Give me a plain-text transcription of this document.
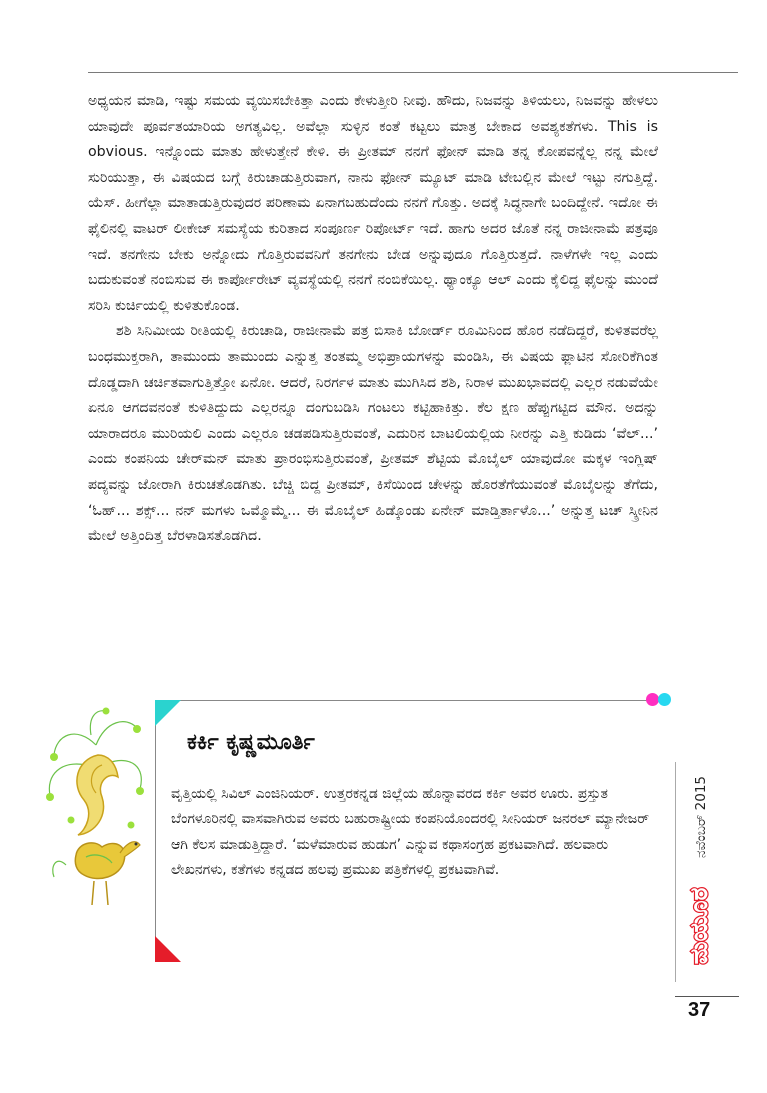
ಅಧ್ಯಯನ ಮಾಡಿ, ಇಷ್ಟು ಸಮಯ ವ್ಯಯಿಸಬೇಕಿತ್ತಾ ಎಂದು ಕೇಳುತ್ತೀರಿ ನೀವು. ಹೌದು, ನಿಜವನ್ನು ತಿಳಿಯಲು, ನಿಜವನ್ನು ಹೇಳಲು ಯಾವುದೇ ಪೂರ್ವತಯಾರಿಯ ಅಗತ್ಯವಿಲ್ಲ. ಅವೆಲ್ಲಾ ಸುಳ್ಳಿನ ಕಂತೆ ಕಟ್ಟಲು ಮಾತ್ರ ಬೇಕಾದ ಅವಶ್ಯಕತೆಗಳು. This is obvious. ಇನ್ನೊಂದು ಮಾತು ಹೇಳುತ್ತೇನೆ ಕೇಳಿ. ಈ ಪ್ರೀತಮ್ ನನಗೆ ಫೋನ್ ಮಾಡಿ ತನ್ನ ಕೋಪವನ್ನೆಲ್ಲ ನನ್ನ ಮೇಲೆ ಸುರಿಯುತ್ತಾ, ಈ ವಿಷಯದ ಬಗ್ಗೆ ಕಿರುಚಾಡುತ್ತಿರುವಾಗ, ನಾನು ಫೋನ್ ಮ್ಯೂಟ್ ಮಾಡಿ ಟೇಬಲ್ಲಿನ ಮೇಲೆ ಇಟ್ಟು ನಗುತ್ತಿದ್ದೆ. ಯೆಸ್. ಹೀಗೆಲ್ಲಾ ಮಾತಾಡುತ್ತಿರುವುದರ ಪರಿಣಾಮ ಏನಾಗಬಹುದೆಂದು ನನಗೆ ಗೊತ್ತು. ಅದಕ್ಕೆ ಸಿದ್ಧನಾಗೇ ಬಂದಿದ್ದೇನೆ. ಇದೋ ಈ ಫೈಲಿನಲ್ಲಿ ವಾಟರ್ ಲೀಕೇಜ್ ಸಮಸ್ಯೆಯ ಕುರಿತಾದ ಸಂಪೂರ್ಣ ರಿಪೋರ್ಟ್ ಇದೆ. ಹಾಗು ಅದರ ಜೊತೆ ನನ್ನ ರಾಜೀನಾಮೆ ಪತ್ರವೂ ಇದೆ. ತನಗೇನು ಬೇಕು ಅನ್ನೋದು ಗೊತ್ತಿರುವವನಿಗೆ ತನಗೇನು ಬೇಡ ಅನ್ನುವುದೂ ಗೊತ್ತಿರುತ್ತದೆ. ನಾಳೆಗಳೇ ಇಲ್ಲ ಎಂದು ಬದುಕುವಂತೆ ನಂಬಿಸುವ ಈ ಕಾರ್ಪೋರೇಟ್ ವ್ಯವಸ್ಥೆಯಲ್ಲಿ ನನಗೆ ನಂಬಿಕೆಯಿಲ್ಲ. ಥ್ಯಾಂಕ್ಯೂ ಆಲ್ ಎಂದು ಕೈಲಿದ್ದ ಫೈಲನ್ನು ಮುಂದೆ ಸರಿಸಿ ಕುರ್ಚಿಯಲ್ಲಿ ಕುಳಿತುಕೊಂಡ.

ಶಶಿ ಸಿನಿಮೀಯ ರೀತಿಯಲ್ಲಿ ಕಿರುಚಾಡಿ, ರಾಜೀನಾಮೆ ಪತ್ರ ಬಿಸಾಕಿ ಬೋರ್ಡ್ ರೂಮಿನಿಂದ ಹೊರ ನಡೆದಿದ್ದರೆ, ಕುಳಿತವರೆಲ್ಲ ಬಂಧಮುಕ್ತರಾಗಿ, ತಾಮುಂದು ತಾಮುಂದು ಎನ್ನುತ್ತ ತಂತಮ್ಮ ಅಭಿಪ್ರಾಯಗಳನ್ನು ಮಂಡಿಸಿ, ಈ ವಿಷಯ ಫ್ಲಾಟಿನ ಸೋರಿಕೆಗಿಂತ ದೊಡ್ಡದಾಗಿ ಚರ್ಚಿತವಾಗುತ್ತಿತ್ತೋ ಏನೋ. ಆದರೆ, ನಿರರ್ಗಳ ಮಾತು ಮುಗಿಸಿದ ಶಶಿ, ನಿರಾಳ ಮುಖಭಾವದಲ್ಲಿ ಎಲ್ಲರ ನಡುವೆಯೇ ಏನೂ ಆಗದವನಂತೆ ಕುಳಿತಿದ್ದುದು ಎಲ್ಲರನ್ನೂ ದಂಗುಬಡಿಸಿ ಗಂಟಲು ಕಟ್ಟಿಹಾಕಿತ್ತು. ಕೆಲ ಕ್ಷಣ ಹೆಪ್ಪುಗಟ್ಟಿದ ಮೌನ. ಅದನ್ನು ಯಾರಾದರೂ ಮುರಿಯಲಿ ಎಂದು ಎಲ್ಲರೂ ಚಡಪಡಿಸುತ್ತಿರುವಂತೆ, ಎದುರಿನ ಬಾಟಲಿಯಲ್ಲಿಯ ನೀರನ್ನು ಎತ್ತಿ ಕುಡಿದು ‘ವೆಲ್...’ ಎಂದು ಕಂಪನಿಯ ಚೇರ್‌ಮನ್ ಮಾತು ಪ್ರಾರಂಭಿಸುತ್ತಿರುವಂತೆ, ಪ್ರೀತಮ್ ಶೆಟ್ಟಿಯ ಮೊಬೈಲ್ ಯಾವುದೋ ಮಕ್ಕಳ ಇಂಗ್ಲಿಷ್ ಪದ್ಯವನ್ನು ಜೋರಾಗಿ ಕಿರುಚತೊಡಗಿತು. ಬೆಚ್ಚಿ ಬಿದ್ದ ಪ್ರೀತಮ್, ಕಿಸೆಯಿಂದ ಚೇಳನ್ನು ಹೊರತೆಗೆಯುವಂತೆ ಮೊಬೈಲನ್ನು ತೆಗೆದು, ‘ಓಹ್... ಶಕ್ಸ್... ನನ್ ಮಗಳು ಒಮ್ಮೊಮ್ಮೆ... ಈ ಮೊಬೈಲ್ ಹಿಡ್ಕೊಂಡು ಏನೇನ್ ಮಾಡ್ತಿರ್ತಾಳೊ...’ ಅನ್ನುತ್ತ ಟಚ್ ಸ್ಕ್ರೀನಿನ ಮೇಲೆ ಅತ್ತಿಂದಿತ್ತ ಬೆರಳಾಡಿಸತೊಡಗಿದ.

ಕರ್ಕಿ ಕೃಷ್ಣಮೂರ್ತಿ

ವೃತ್ತಿಯಲ್ಲಿ ಸಿವಿಲ್ ಎಂಜಿನಿಯರ್. ಉತ್ತರಕನ್ನಡ ಜಿಲ್ಲೆಯ ಹೊನ್ನಾವರದ ಕರ್ಕಿ ಅವರ ಊರು. ಪ್ರಸ್ತುತ ಬೆಂಗಳೂರಿನಲ್ಲಿ ವಾಸವಾಗಿರುವ ಅವರು ಬಹುರಾಷ್ಟ್ರೀಯ ಕಂಪನಿಯೊಂದರಲ್ಲಿ ಸೀನಿಯರ್ ಜನರಲ್ ಮ್ಯಾನೇಜರ್ ಆಗಿ ಕೆಲಸ ಮಾಡುತ್ತಿದ್ದಾರೆ. ‘ಮಳೆಮಾರುವ ಹುಡುಗ’ ಎನ್ನುವ ಕಥಾಸಂಗ್ರಹ ಪ್ರಕಟವಾಗಿದೆ. ಹಲವಾರು ಲೇಖನಗಳು, ಕತೆಗಳು ಕನ್ನಡದ ಹಲವು ಪ್ರಮುಖ ಪತ್ರಿಕೆಗಳಲ್ಲಿ ಪ್ರಕಟವಾಗಿವೆ.

ನವೆಂಬರ್ 2015
ಮಯೂರ

37
